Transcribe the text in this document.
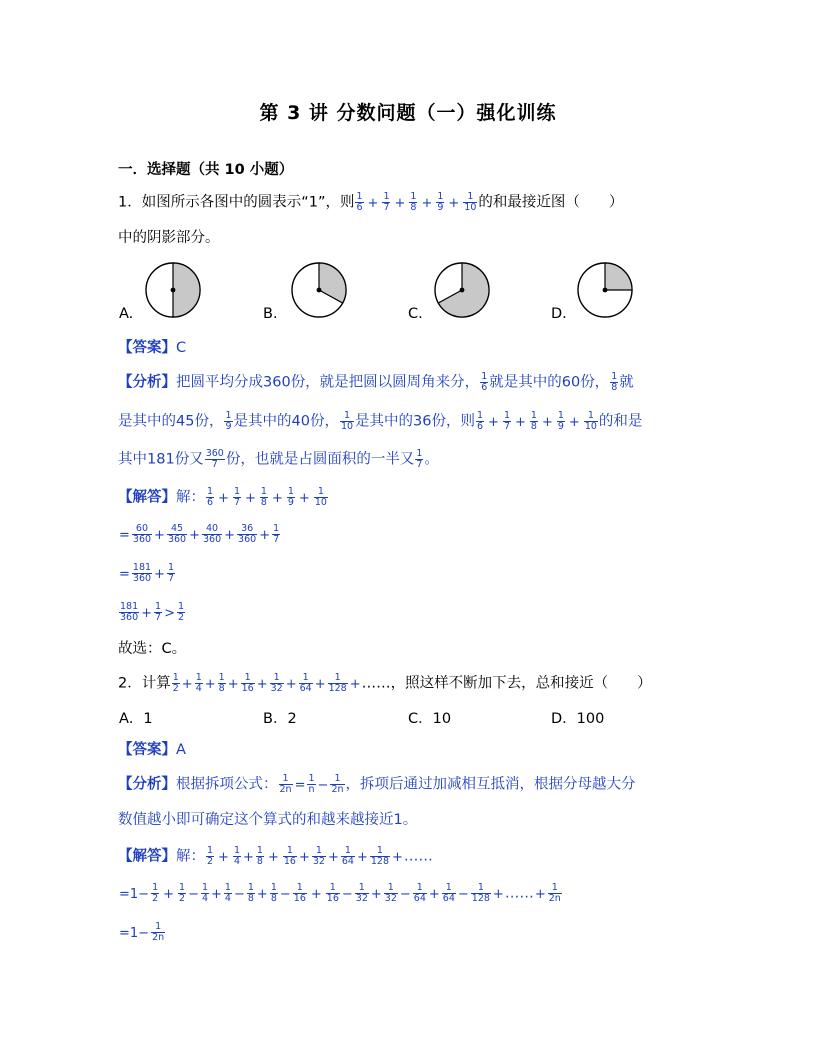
第 3 讲 分数问题（一）强化训练
一．选择题（共 10 小题）
1．如图所示各图中的圆表示“1”，则 $\frac{1}{6} + \frac{1}{7} + \frac{1}{8} + \frac{1}{9} + \frac{1}{10}$ 的和最接近图（　　）
中的阴影部分。
A.	B.	C.	D.
【答案】C
【分析】把圆平均分成360份，就是把圆以圆周角来分， $\frac{1}{6}$ 就是其中的60份， $\frac{1}{8}$ 就
是其中的45份， $\frac{1}{9}$ 是其中的40份， $\frac{1}{10}$ 是其中的36份，则 $\frac{1}{6} + \frac{1}{7} + \frac{1}{8} + \frac{1}{9} + \frac{1}{10}$ 的和是
其中181份又 $\frac{360}{7}$ 份，也就是占圆面积的一半又 $\frac{1}{7}$ 。
【解答】解： $\frac{1}{6} + \frac{1}{7} + \frac{1}{8} + \frac{1}{9} + \frac{1}{10}$
= $\frac{60}{360} + \frac{45}{360} + \frac{40}{360} + \frac{36}{360} + \frac{1}{7}$
= $\frac{181}{360} + \frac{1}{7}$
$\frac{181}{360} + \frac{1}{7} > \frac{1}{2}$
故选：C。
2．计算 $\frac{1}{2} + \frac{1}{4} + \frac{1}{8} + \frac{1}{16} + \frac{1}{32} + \frac{1}{64} + \frac{1}{128}$ +……，照这样不断加下去，总和接近（　　）
A．1	B．2	C．10	D．100
【答案】A
【分析】根据拆项公式： $\frac{1}{2n} = \frac{1}{n} - \frac{1}{2n}$ ，拆项后通过加减相互抵消，根据分母越大分
数值越小即可确定这个算式的和越来越接近1。
【解答】解： $\frac{1}{2} + \frac{1}{4} + \frac{1}{8} + \frac{1}{16} + \frac{1}{32} + \frac{1}{64} + \frac{1}{128}$ +……
$=1- \frac{1}{2} + \frac{1}{2} - \frac{1}{4} + \frac{1}{4} - \frac{1}{8} + \frac{1}{8} - \frac{1}{16} + \frac{1}{16} - \frac{1}{32} + \frac{1}{32} - \frac{1}{64} + \frac{1}{64} - \frac{1}{128}$ +……+ $\frac{1}{2n}$
$=1- \frac{1}{2n}$
